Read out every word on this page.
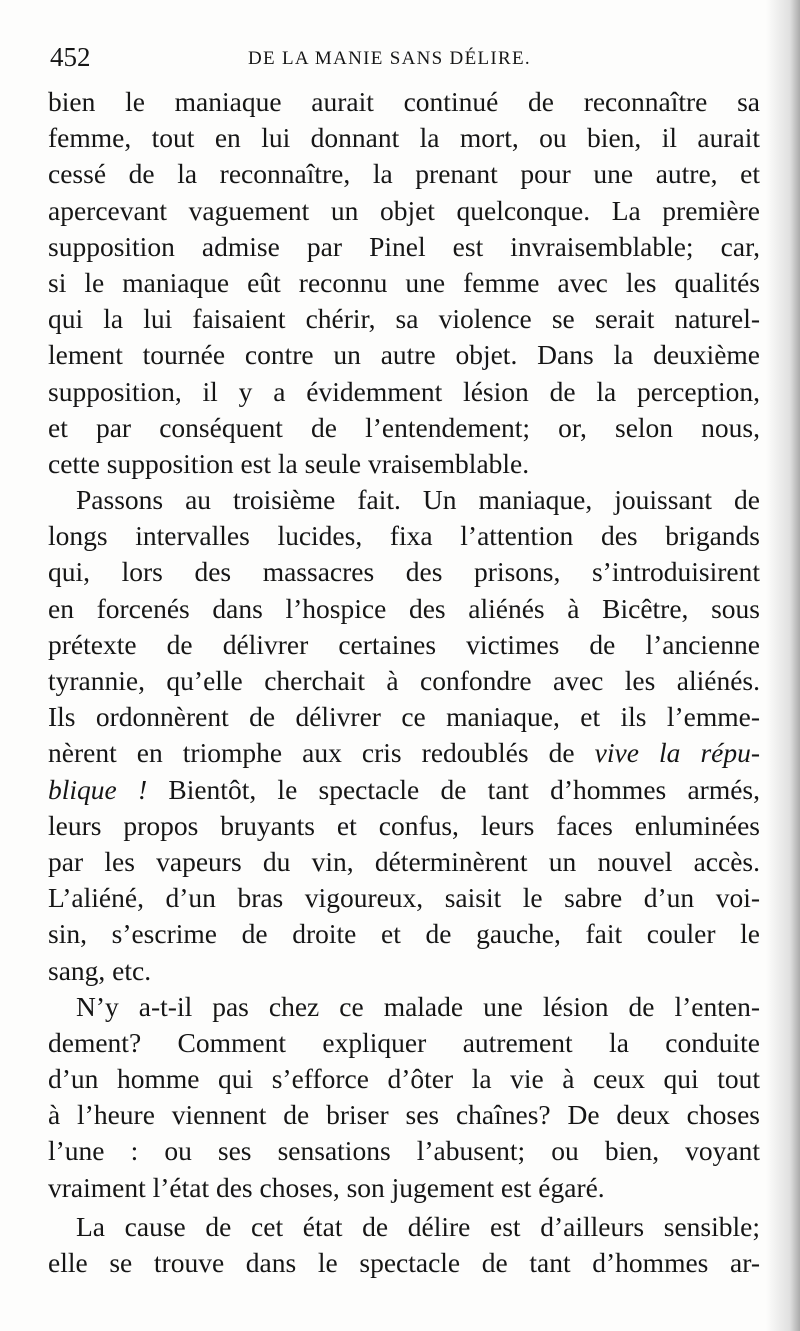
452	DE LA MANIE SANS DÉLIRE.
bien le maniaque aurait continué de reconnaître sa
femme, tout en lui donnant la mort, ou bien, il aurait
cessé de la reconnaître, la prenant pour une autre, et
apercevant vaguement un objet quelconque. La première
supposition admise par Pinel est invraisemblable; car,
si le maniaque eût reconnu une femme avec les qualités
qui la lui faisaient chérir, sa violence se serait naturel-
lement tournée contre un autre objet. Dans la deuxième
supposition, il y a évidemment lésion de la perception,
et par conséquent de l’entendement; or, selon nous,
cette supposition est la seule vraisemblable.
Passons au troisième fait. Un maniaque, jouissant de
longs intervalles lucides, fixa l’attention des brigands
qui, lors des massacres des prisons, s’introduisirent
en forcenés dans l’hospice des aliénés à Bicêtre, sous
prétexte de délivrer certaines victimes de l’ancienne
tyrannie, qu’elle cherchait à confondre avec les aliénés.
Ils ordonnèrent de délivrer ce maniaque, et ils l’emme-
nèrent en triomphe aux cris redoublés de vive la répu-
blique ! Bientôt, le spectacle de tant d’hommes armés,
leurs propos bruyants et confus, leurs faces enluminées
par les vapeurs du vin, déterminèrent un nouvel accès.
L’aliéné, d’un bras vigoureux, saisit le sabre d’un voi-
sin, s’escrime de droite et de gauche, fait couler le
sang, etc.
N’y a-t-il pas chez ce malade une lésion de l’enten-
dement? Comment expliquer autrement la conduite
d’un homme qui s’efforce d’ôter la vie à ceux qui tout
à l’heure viennent de briser ses chaînes? De deux choses
l’une : ou ses sensations l’abusent; ou bien, voyant
vraiment l’état des choses, son jugement est égaré.
La cause de cet état de délire est d’ailleurs sensible;
elle se trouve dans le spectacle de tant d’hommes ar-
